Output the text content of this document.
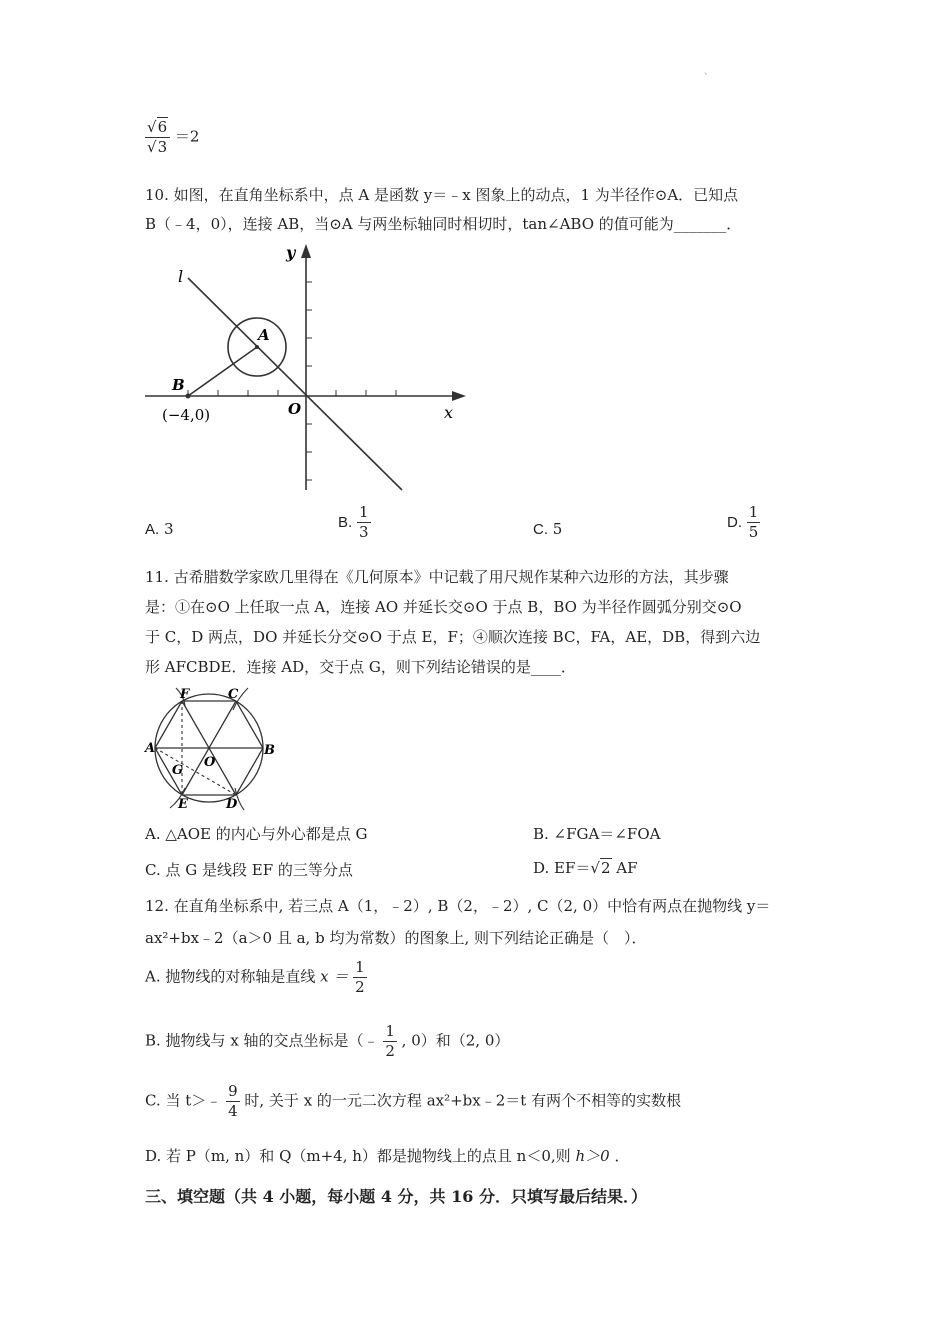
、
$\frac{√6}{√3} =2$
10. 如图，在直角坐标系中，点 A 是函数 y＝﹣x 图象上的动点，1 为半径作⊙A．已知点
B（﹣4，0），连接 AB，当⊙A 与两坐标轴同时相切时，tan∠ABO 的值可能为_______．
l
y
A
B
(−4,0)	O	x
A. 3	B. $\frac{1}{3}$	C. 5	D. $\frac{1}{5}$
11. 古希腊数学家欧几里得在《几何原本》中记载了用尺规作某种六边形的方法，其步骤
是：①在⊙O 上任取一点 A，连接 AO 并延长交⊙O 于点 B，BO 为半径作圆弧分别交⊙O
于 C，D 两点，DO 并延长分交⊙O 于点 E，F；④顺次连接 BC，FA，AE，DB，得到六边
形 AFCBDE．连接 AD，交于点 G，则下列结论错误的是____．
F	C
A	B
O
G
E	D
A. △AOE 的内心与外心都是点 G	B. ∠FGA＝∠FOA
C. 点 G 是线段 EF 的三等分点	D. EF＝√2 AF
12. 在直角坐标系中, 若三点 A（1，﹣2）, B（2，﹣2）, C（2, 0）中恰有两点在抛物线 y＝
ax²+bx﹣2（a＞0 且 a, b 均为常数）的图象上, 则下列结论正确是（　）．
A. 抛物线的对称轴是直线 $x = \frac{1}{2}$
B. 抛物线与 x 轴的交点坐标是（﹣ $\frac{1}{2}$ , 0）和（2, 0）
C. 当 t＞﹣ $\frac{9}{4}$ 时, 关于 x 的一元二次方程 ax²+bx﹣2＝t 有两个不相等的实数根
D. 若 P（m, n）和 Q（m+4, h）都是抛物线上的点且 n＜0,则 h＞0 ．
三、填空题（共 4 小题，每小题 4 分，共 16 分．只填写最后结果．）
